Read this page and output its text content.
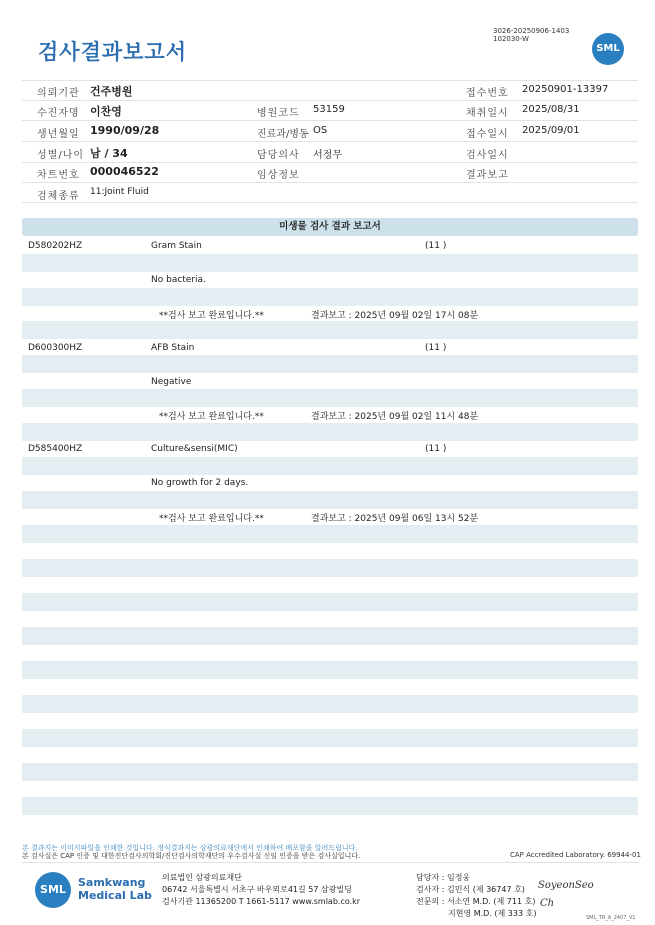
3026-20250906-1403
102030-W
검사결과보고서	SML
의뢰기관 건주병원	접수번호 20250901-13397
수진자명 이찬영	병원코드 53159	채취일시 2025/08/31
생년월일 1990/09/28	진료과/병동 OS	접수일시 2025/09/01
성별/나이 남 / 34	담당의사 서정무	검사일시
차트번호 000046522	임상정보	결과보고
검체종류 11:Joint Fluid
미생물 검사 결과 보고서
D580202HZ	Gram Stain	(11 )
No bacteria.
**검사 보고 완료입니다.**	결과보고 : 2025년 09월 02일 17시 08분
D600300HZ	AFB Stain	(11 )
Negative
**검사 보고 완료입니다.**	결과보고 : 2025년 09월 02일 11시 48분
D585400HZ	Culture&sensi(MIC)	(11 )
No growth for 2 days.
**검사 보고 완료입니다.**	결과보고 : 2025년 09월 06일 13시 52분
본 결과지는 이미지파일을 인쇄한 것입니다. 정식결과지는 삼광의료재단에서 인쇄하여 배포함을 알려드립니다.
본 검사실은 CAP 인증 및 대한진단검사의학회/진단검사의학재단의 우수검사실 신임 인증을 받은 검사실입니다.	CAP Accredited Laboratory. 69944-01
SML
Samkwang
Medical Lab
의료법인 삼광의료재단
06742 서울특별시 서초구 바우뫼로41길 57 삼광빌딩
검사기관 11365200 T 1661-5117 www.smlab.co.kr
담당자 : 임정웅
검사자 : 김민식 (제 36747 호)
전문의 : 서소연 M.D. (제 711 호)
지현영 M.D. (제 333 호)
SoyeonSeo
Ch
SML_TR_A_2407_V1
